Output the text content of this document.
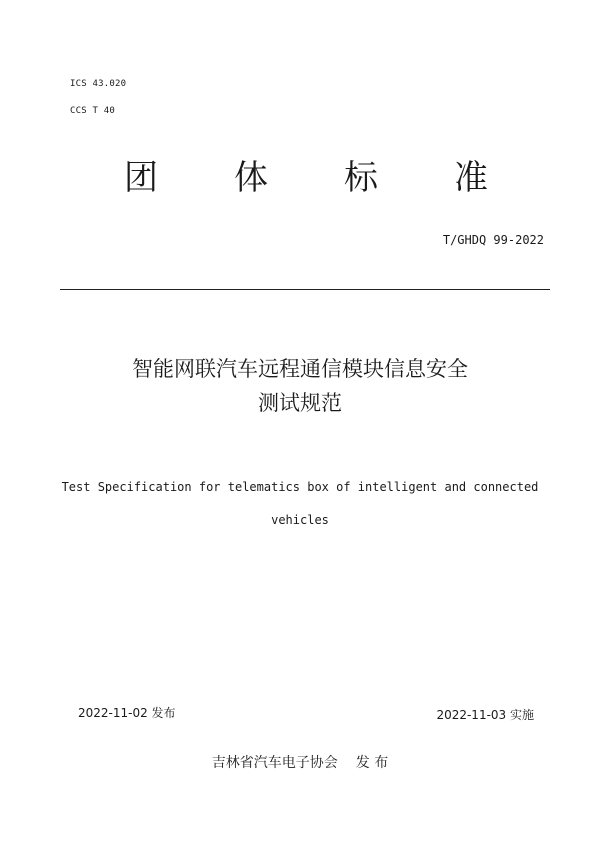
ICS 43.020
CCS T 40
团 体 标 准
T/GHDQ 99-2022
智能网联汽车远程通信模块信息安全
测试规范
Test Specification for telematics box of intelligent and connected
vehicles
2022-11-02 发布	2022-11-03 实施
吉林省汽车电子协会 发 布
